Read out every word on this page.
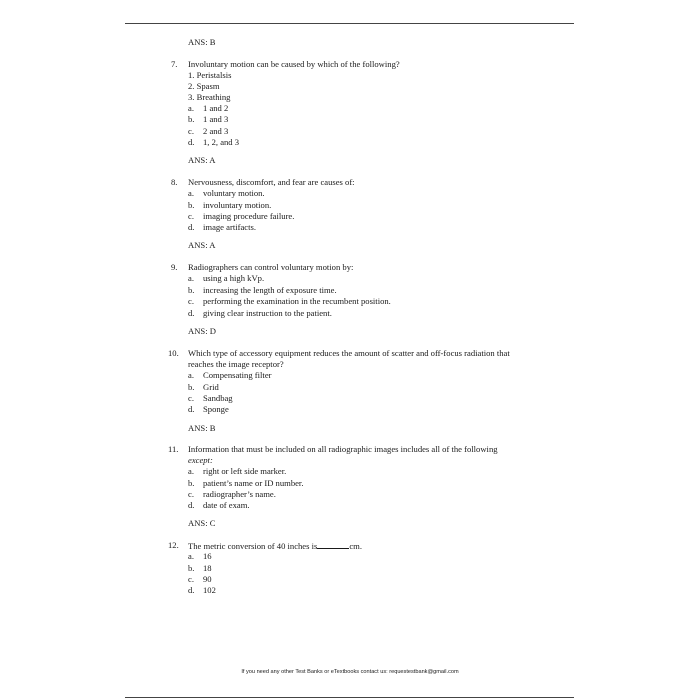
ANS: B
7. Involuntary motion can be caused by which of the following?
1. Peristalsis
2. Spasm
3. Breathing
a. 1 and 2
b. 1 and 3
c. 2 and 3
d. 1, 2, and 3
ANS: A
8. Nervousness, discomfort, and fear are causes of:
a. voluntary motion.
b. involuntary motion.
c. imaging procedure failure.
d. image artifacts.
ANS: A
9. Radiographers can control voluntary motion by:
a. using a high kVp.
b. increasing the length of exposure time.
c. performing the examination in the recumbent position.
d. giving clear instruction to the patient.
ANS: D
10. Which type of accessory equipment reduces the amount of scatter and off-focus radiation that
reaches the image receptor?
a. Compensating filter
b. Grid
c. Sandbag
d. Sponge
ANS: B
11. Information that must be included on all radiographic images includes all of the following
except:
a. right or left side marker.
b. patient’s name or ID number.
c. radiographer’s name.
d. date of exam.
ANS: C
12. The metric conversion of 40 inches is	cm.
a. 16
b. 18
c. 90
d. 102
If you need any other Test Banks or eTextbooks contact us: requestestbank@gmail.com
